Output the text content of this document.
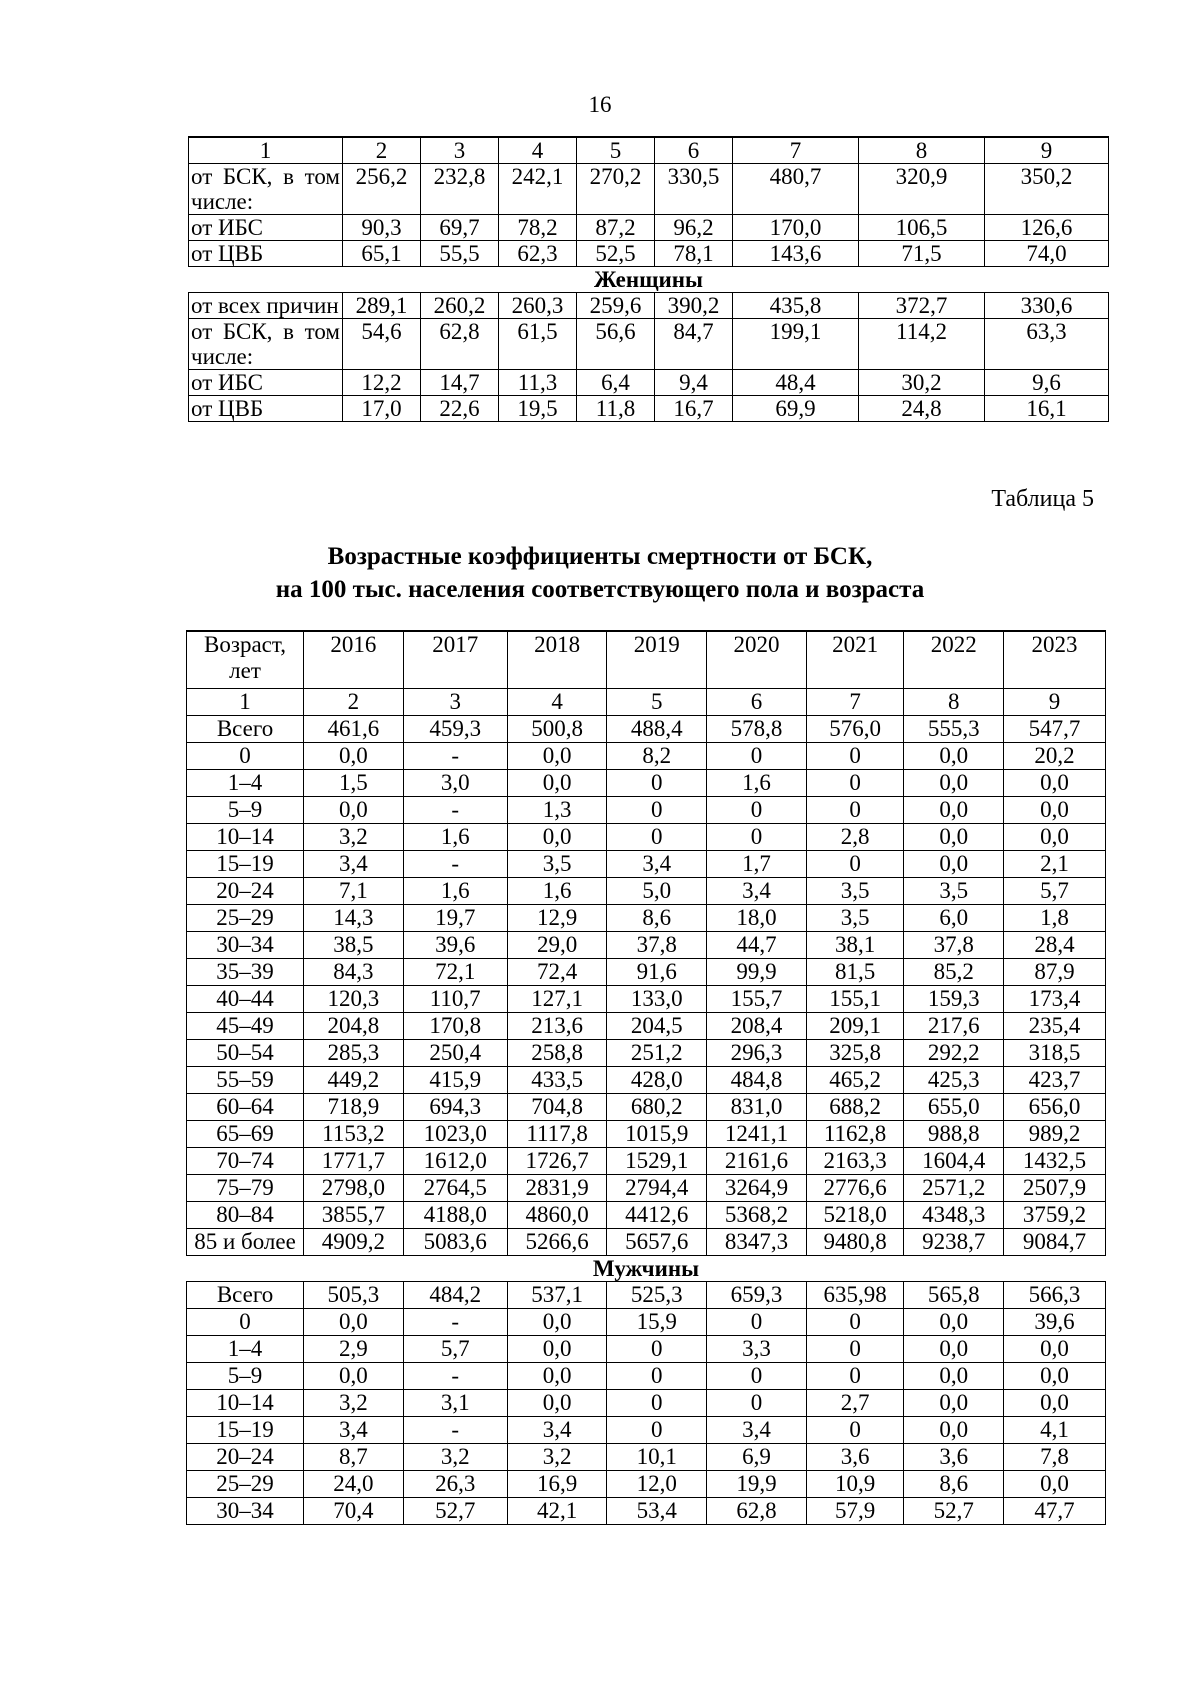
16
1	2	3	4	5	6	7	8	9
от БСК, в том числе:	256,2	232,8	242,1	270,2	330,5	480,7	320,9	350,2
от ИБС	90,3	69,7	78,2	87,2	96,2	170,0	106,5	126,6
от ЦВБ	65,1	55,5	62,3	52,5	78,1	143,6	71,5	74,0
Женщины								
от всех причин	289,1	260,2	260,3	259,6	390,2	435,8	372,7	330,6
от БСК, в том числе:	54,6	62,8	61,5	56,6	84,7	199,1	114,2	63,3
от ИБС	12,2	14,7	11,3	6,4	9,4	48,4	30,2	9,6
от ЦВБ	17,0	22,6	19,5	11,8	16,7	69,9	24,8	16,1
Таблица 5
Возрастные коэффициенты смертности от БСК,
на 100 тыс. населения соответствующего пола и возраста
Возраст, лет	2016	2017	2018	2019	2020	2021	2022	2023
1	2	3	4	5	6	7	8	9
Всего	461,6	459,3	500,8	488,4	578,8	576,0	555,3	547,7
0	0,0	-	0,0	8,2	0	0	0,0	20,2
1–4	1,5	3,0	0,0	0	1,6	0	0,0	0,0
5–9	0,0	-	1,3	0	0	0	0,0	0,0
10–14	3,2	1,6	0,0	0	0	2,8	0,0	0,0
15–19	3,4	-	3,5	3,4	1,7	0	0,0	2,1
20–24	7,1	1,6	1,6	5,0	3,4	3,5	3,5	5,7
25–29	14,3	19,7	12,9	8,6	18,0	3,5	6,0	1,8
30–34	38,5	39,6	29,0	37,8	44,7	38,1	37,8	28,4
35–39	84,3	72,1	72,4	91,6	99,9	81,5	85,2	87,9
40–44	120,3	110,7	127,1	133,0	155,7	155,1	159,3	173,4
45–49	204,8	170,8	213,6	204,5	208,4	209,1	217,6	235,4
50–54	285,3	250,4	258,8	251,2	296,3	325,8	292,2	318,5
55–59	449,2	415,9	433,5	428,0	484,8	465,2	425,3	423,7
60–64	718,9	694,3	704,8	680,2	831,0	688,2	655,0	656,0
65–69	1153,2	1023,0	1117,8	1015,9	1241,1	1162,8	988,8	989,2
70–74	1771,7	1612,0	1726,7	1529,1	2161,6	2163,3	1604,4	1432,5
75–79	2798,0	2764,5	2831,9	2794,4	3264,9	2776,6	2571,2	2507,9
80–84	3855,7	4188,0	4860,0	4412,6	5368,2	5218,0	4348,3	3759,2
85 и более	4909,2	5083,6	5266,6	5657,6	8347,3	9480,8	9238,7	9084,7
Мужчины								
Всего	505,3	484,2	537,1	525,3	659,3	635,98	565,8	566,3
0	0,0	-	0,0	15,9	0	0	0,0	39,6
1–4	2,9	5,7	0,0	0	3,3	0	0,0	0,0
5–9	0,0	-	0,0	0	0	0	0,0	0,0
10–14	3,2	3,1	0,0	0	0	2,7	0,0	0,0
15–19	3,4	-	3,4	0	3,4	0	0,0	4,1
20–24	8,7	3,2	3,2	10,1	6,9	3,6	3,6	7,8
25–29	24,0	26,3	16,9	12,0	19,9	10,9	8,6	0,0
30–34	70,4	52,7	42,1	53,4	62,8	57,9	52,7	47,7
